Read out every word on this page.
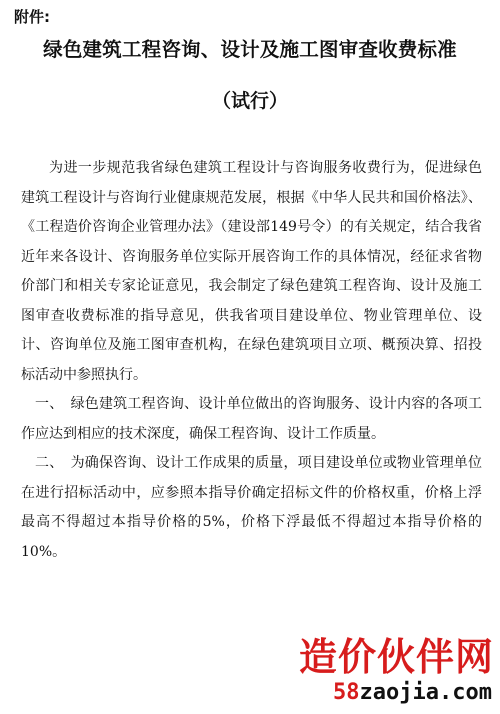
附件:
绿色建筑工程咨询、设计及施工图审查收费标准
（试行）

为进一步规范我省绿色建筑工程设计与咨询服务收费行为，促进绿色建筑工程设计与咨询行业健康规范发展，根据《中华人民共和国价格法》、《工程造价咨询企业管理办法》（建设部149号令）的有关规定，结合我省近年来各设计、咨询服务单位实际开展咨询工作的具体情况，经征求省物价部门和相关专家论证意见，我会制定了绿色建筑工程咨询、设计及施工图审查收费标准的指导意见，供我省项目建设单位、物业管理单位、设计、咨询单位及施工图审查机构，在绿色建筑项目立项、概预决算、招投标活动中参照执行。

一、　绿色建筑工程咨询、设计单位做出的咨询服务、设计内容的各项工作应达到相应的技术深度，确保工程咨询、设计工作质量。

二、　为确保咨询、设计工作成果的质量，项目建设单位或物业管理单位在进行招标活动中，应参照本指导价确定招标文件的价格权重，价格上浮最高不得超过本指导价格的5%，价格下浮最低不得超过本指导价格的10%。

造价伙伴网
58zaojia.com
